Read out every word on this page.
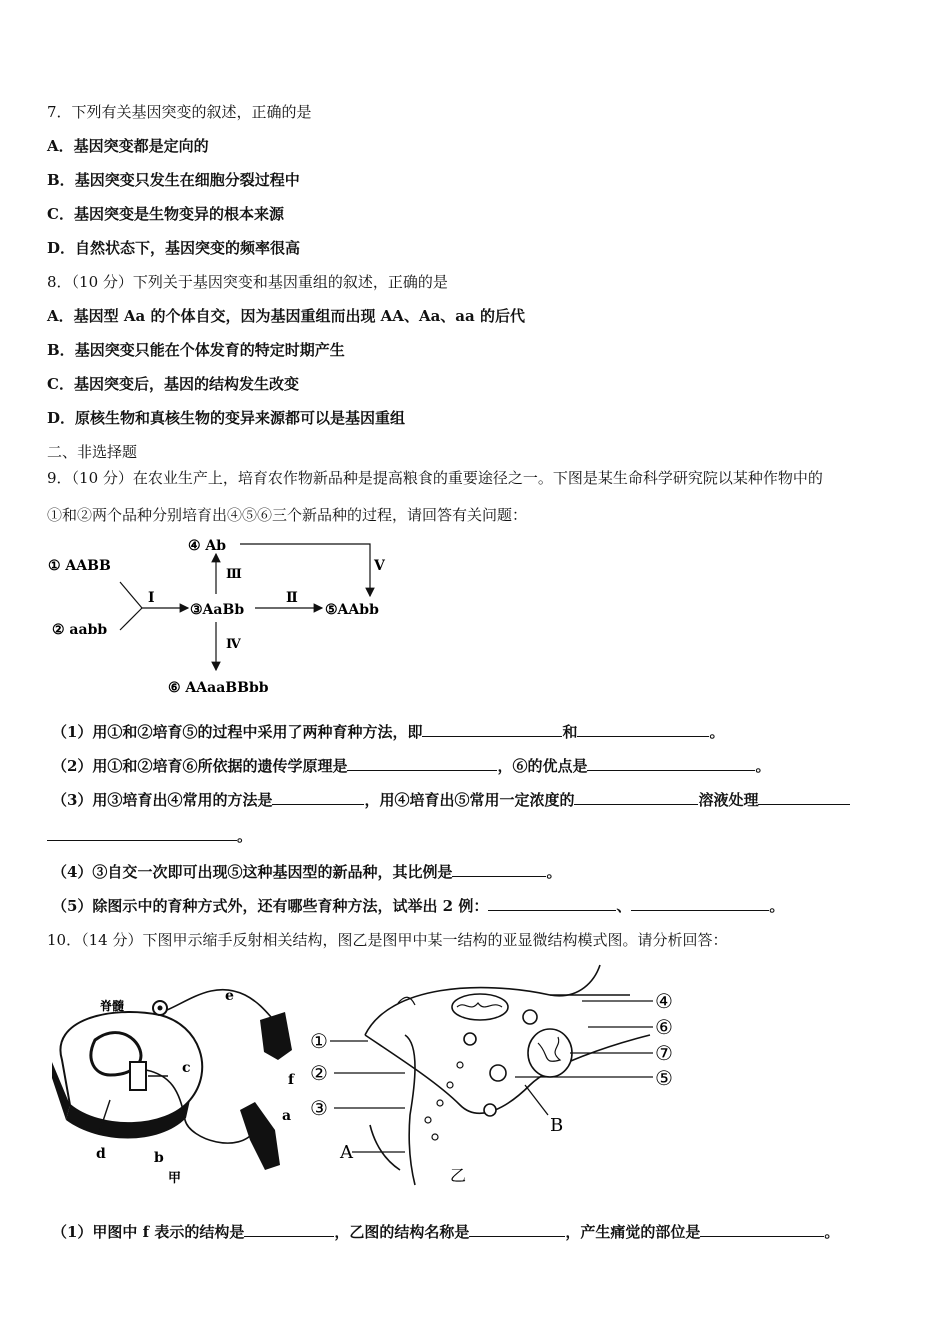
7．下列有关基因突变的叙述，正确的是
A．基因突变都是定向的
B．基因突变只发生在细胞分裂过程中
C．基因突变是生物变异的根本来源
D．自然状态下，基因突变的频率很高
8．（10 分）下列关于基因突变和基因重组的叙述，正确的是
A．基因型 Aa 的个体自交，因为基因重组而出现 AA、Aa、aa 的后代
B．基因突变只能在个体发育的特定时期产生
C．基因突变后，基因的结构发生改变
D．原核生物和真核生物的变异来源都可以是基因重组
二、非选择题
9．（10 分）在农业生产上，培育农作物新品种是提高粮食的重要途径之一。下图是某生命科学研究院以某种作物中的
①和②两个品种分别培育出④⑤⑥三个新品种的过程，请回答有关问题：
① AABB
② aabb
Ⅰ
③AaBb
Ⅱ
⑤AAbb
Ⅲ
④ Ab
Ⅴ
Ⅳ
⑥ AAaaBBbb
（1）用①和②培育⑤的过程中采用了两种育种方法，即	和	。
（2）用①和②培育⑥所依据的遗传学原理是	，⑥的优点是	。
（3）用③培育出④常用的方法是	，用④培育出⑤常用一定浓度的	溶液处理
。
（4）③自交一次即可出现⑤这种基因型的新品种，其比例是	。
（5）除图示中的育种方式外，还有哪些育种方法，试举出 2 例：	、	。
10．（14 分）下图甲示缩手反射相关结构，图乙是图甲中某一结构的亚显微结构模式图。请分析回答：
脊髓
e
f
c
a
d	b
甲
①
②
③
A
④
⑥
⑦
⑤
B
乙
（1）甲图中 f 表示的结构是	，乙图的结构名称是	，产生痛觉的部位是	。
